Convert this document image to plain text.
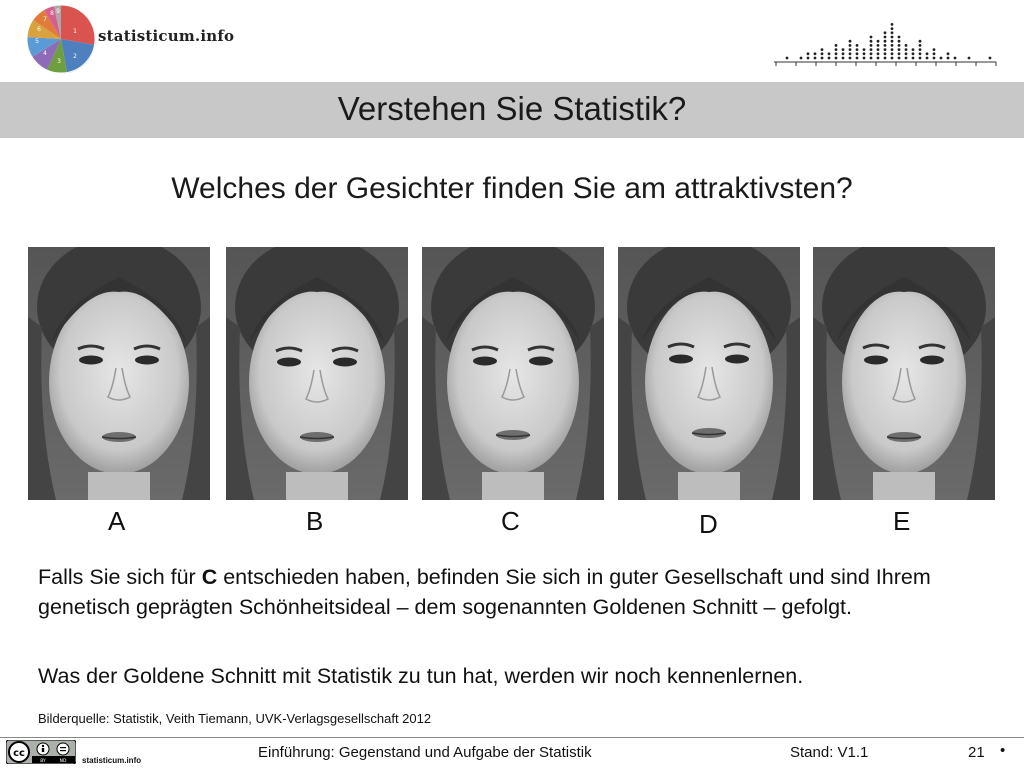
1
2
3
4
5
6
7
8 9
statisticum.info
Verstehen Sie Statistik?
Welches der Gesichter finden Sie am attraktivsten?
A	B	C	D	E
Falls Sie sich für C entschieden haben, befinden Sie sich in guter Gesellschaft und sind Ihrem genetisch geprägten Schönheitsideal – dem sogenannten Goldenen Schnitt – gefolgt.
Was der Goldene Schnitt mit Statistik zu tun hat, werden wir noch kennenlernen.
Bilderquelle: Statistik, Veith Tiemann, UVK-Verlagsgesellschaft 2012
cc
BY	ND statisticum.info	Einführung: Gegenstand und Aufgabe der Statistik	Stand: V1.1	21 •
